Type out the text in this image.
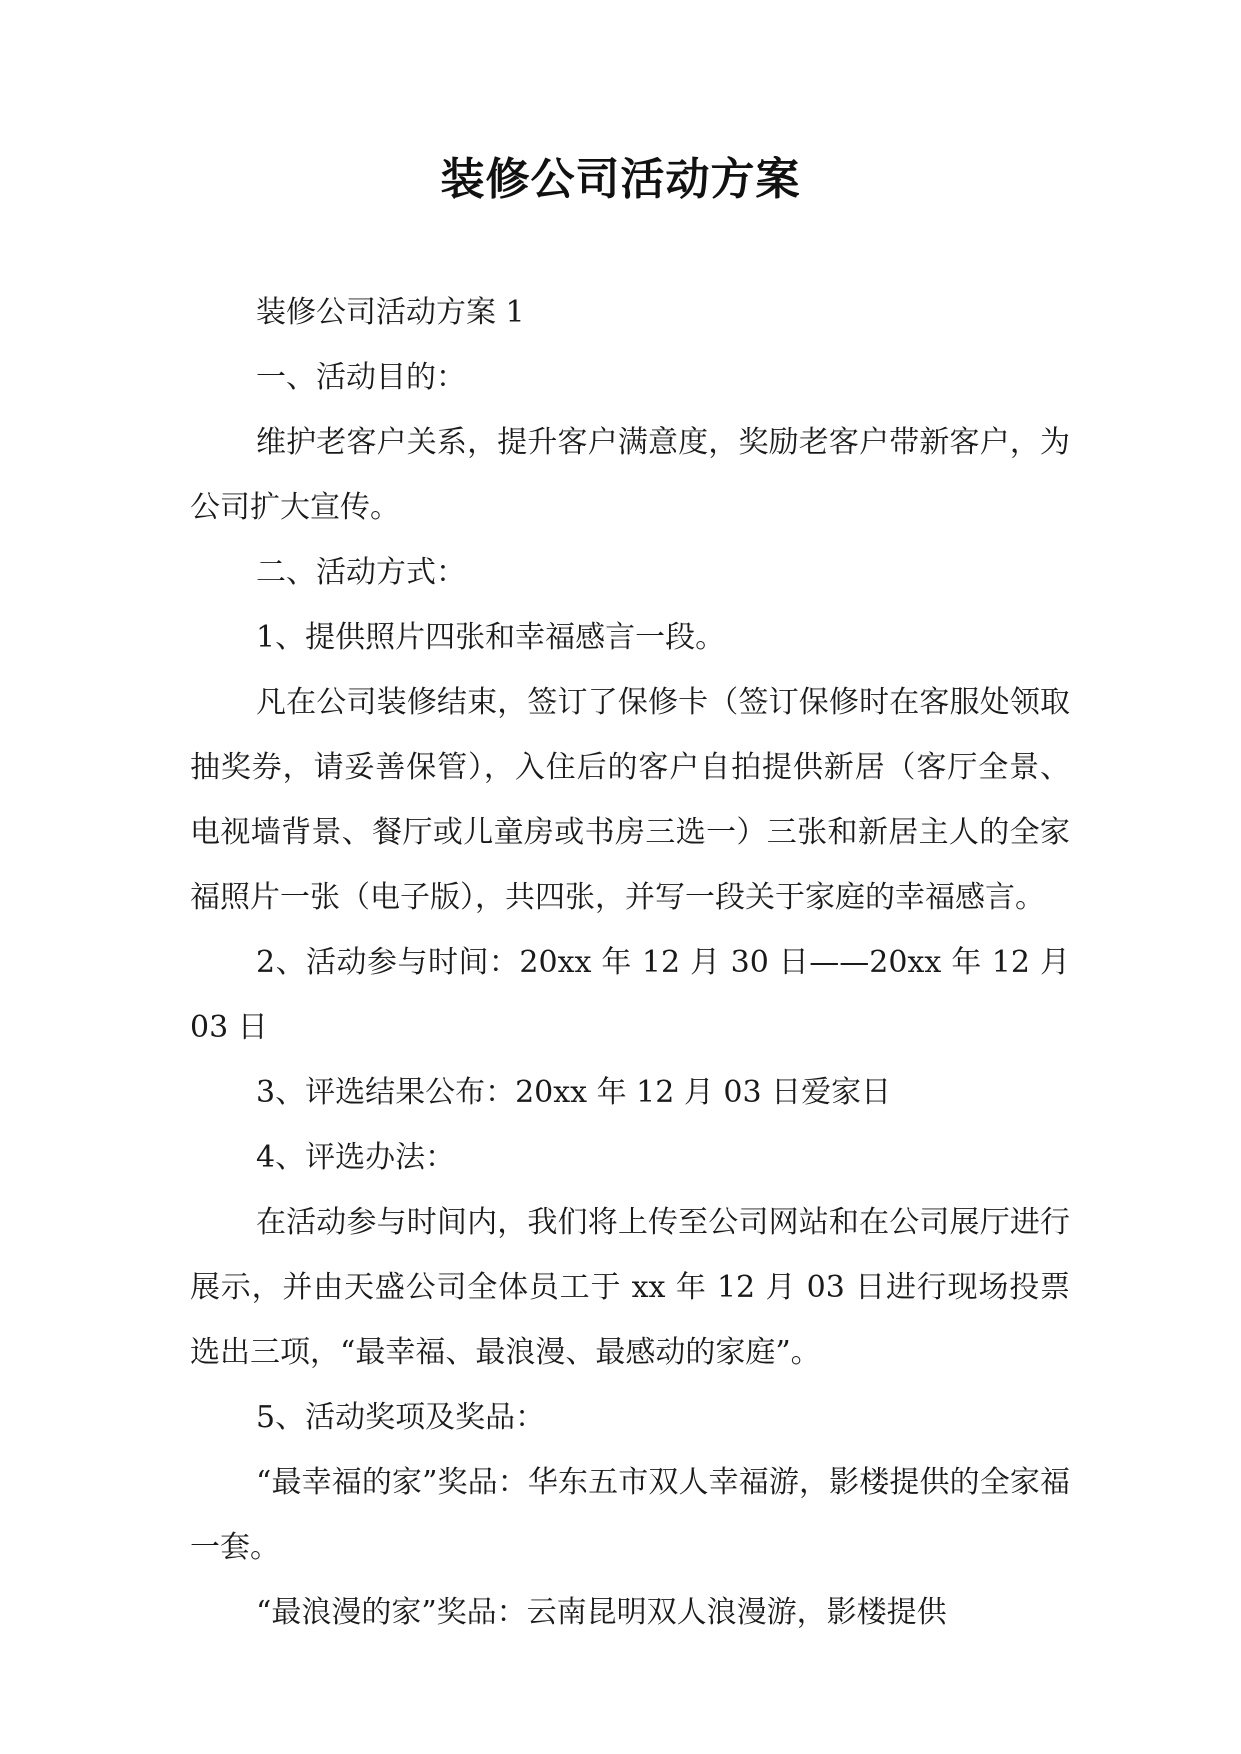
装修公司活动方案

装修公司活动方案 1

一、活动目的：

维护老客户关系，提升客户满意度，奖励老客户带新客户，为公司扩大宣传。

二、活动方式：

1、提供照片四张和幸福感言一段。

凡在公司装修结束，签订了保修卡（签订保修时在客服处领取抽奖券，请妥善保管），入住后的客户自拍提供新居（客厅全景、电视墙背景、餐厅或儿童房或书房三选一）三张和新居主人的全家福照片一张（电子版），共四张，并写一段关于家庭的幸福感言。

2、活动参与时间：20xx 年 12 月 30 日——20xx 年 12 月 03 日

3、评选结果公布：20xx 年 12 月 03 日爱家日

4、评选办法：

在活动参与时间内，我们将上传至公司网站和在公司展厅进行展示，并由天盛公司全体员工于 xx 年 12 月 03 日进行现场投票选出三项，“最幸福、最浪漫、最感动的家庭”。

5、活动奖项及奖品：

“最幸福的家”奖品：华东五市双人幸福游，影楼提供的全家福一套。

“最浪漫的家”奖品：云南昆明双人浪漫游，影楼提供
